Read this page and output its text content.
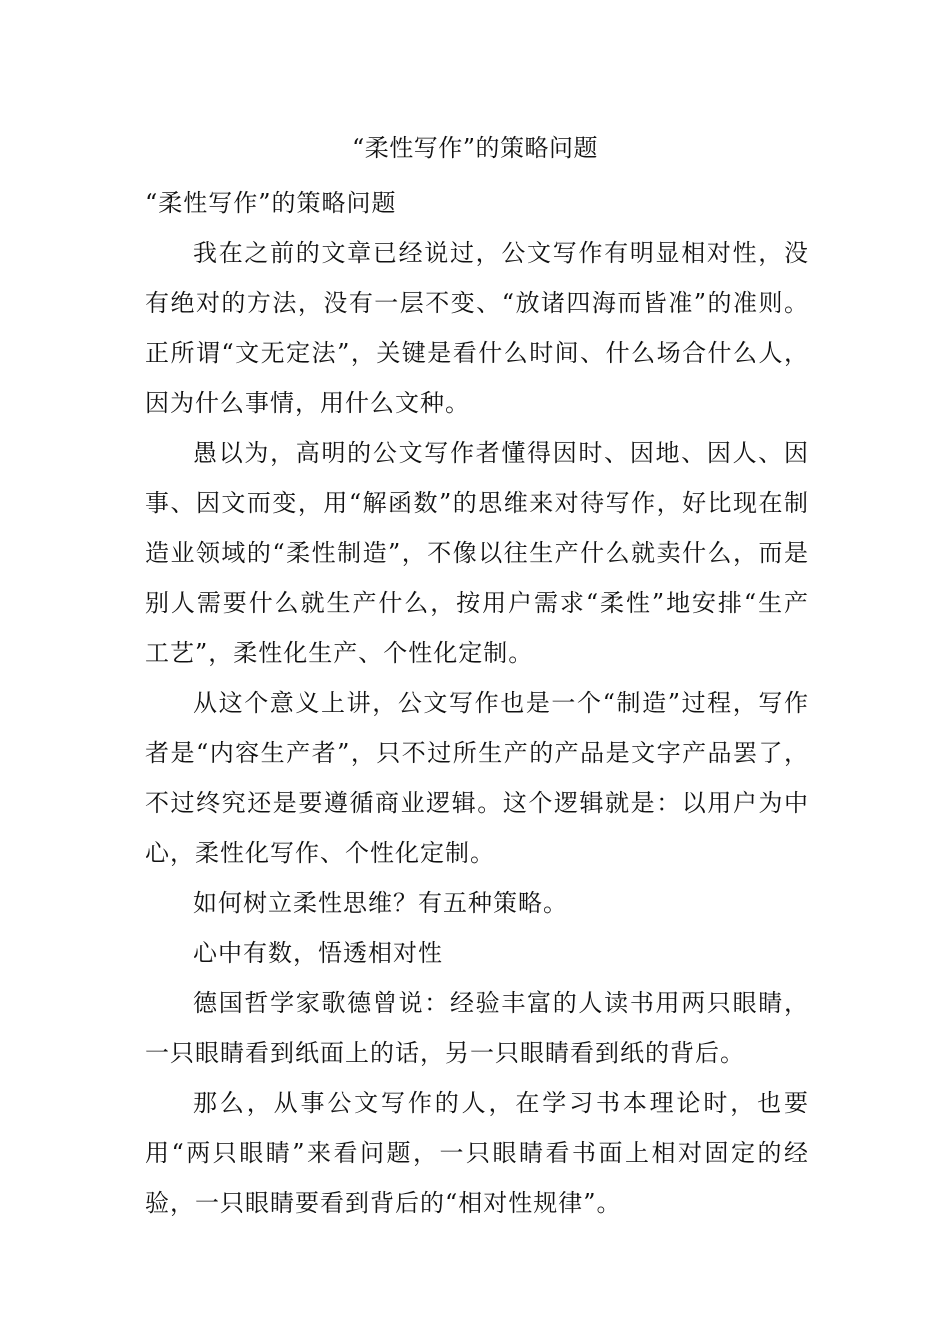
“柔性写作”的策略问题
“柔性写作”的策略问题

我在之前的文章已经说过，公文写作有明显相对性，没有绝对的方法，没有一层不变、“放诸四海而皆准”的准则。正所谓“文无定法”，关键是看什么时间、什么场合什么人，因为什么事情，用什么文种。

愚以为，高明的公文写作者懂得因时、因地、因人、因事、因文而变，用“解函数”的思维来对待写作，好比现在制造业领域的“柔性制造”，不像以往生产什么就卖什么，而是别人需要什么就生产什么，按用户需求“柔性”地安排“生产工艺”，柔性化生产、个性化定制。

从这个意义上讲，公文写作也是一个“制造”过程，写作者是“内容生产者”，只不过所生产的产品是文字产品罢了，不过终究还是要遵循商业逻辑。这个逻辑就是：以用户为中心，柔性化写作、个性化定制。

如何树立柔性思维？有五种策略。

心中有数，悟透相对性

德国哲学家歌德曾说：经验丰富的人读书用两只眼睛，一只眼睛看到纸面上的话，另一只眼睛看到纸的背后。

那么，从事公文写作的人，在学习书本理论时，也要用“两只眼睛”来看问题，一只眼睛看书面上相对固定的经验，一只眼睛要看到背后的“相对性规律”。
